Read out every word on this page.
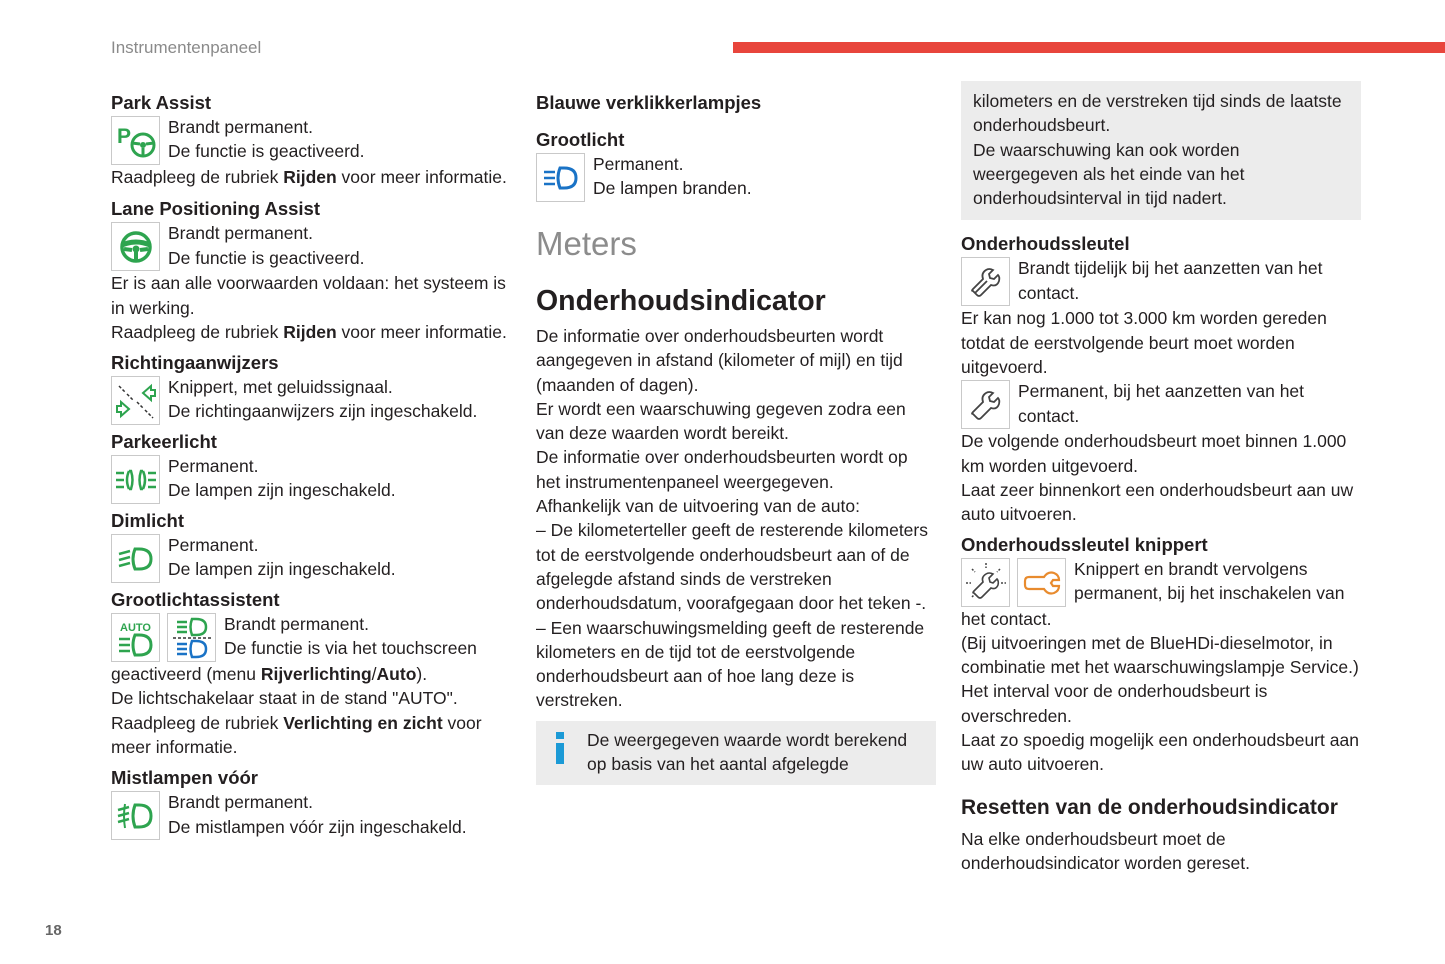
Instrumentenpaneel
18
Park Assist
P Brandt permanent.

De functie is geactiveerd.

Raadpleeg de rubriek Rijden voor meer informatie.

Lane Positioning Assist

Brandt permanent.

De functie is geactiveerd.

Er is aan alle voorwaarden voldaan: het systeem is in werking.

Raadpleeg de rubriek Rijden voor meer informatie.

Richtingaanwijzers

Knippert, met geluidssignaal.

De richtingaanwijzers zijn ingeschakeld.

Parkeerlicht

Permanent.

De lampen zijn ingeschakeld.

Dimlicht

Permanent.

De lampen zijn ingeschakeld.

Grootlichtassistent
AUTO	Brandt permanent.

De functie is via het touchscreen

geactiveerd (menu Rijverlichting/Auto).

De lichtschakelaar staat in de stand "AUTO".

Raadpleeg de rubriek Verlichting en zicht voor meer informatie.

Mistlampen vóór

Brandt permanent.

De mistlampen vóór zijn ingeschakeld.

Blauwe verklikkerlampjes
Grootlicht

Permanent.

De lampen branden.

Meters
Onderhoudsindicator

De informatie over onderhoudsbeurten wordt aangegeven in afstand (kilometer of mijl) en tijd (maanden of dagen).

Er wordt een waarschuwing gegeven zodra een van deze waarden wordt bereikt.

De informatie over onderhoudsbeurten wordt op het instrumentenpaneel weergegeven.

Afhankelijk van de uitvoering van de auto:

– De kilometerteller geeft de resterende kilometers tot de eerstvolgende onderhoudsbeurt aan of de afgelegde afstand sinds de verstreken onderhoudsdatum, voorafgegaan door het teken -.

– Een waarschuwingsmelding geeft de resterende kilometers en de tijd tot de eerstvolgende onderhoudsbeurt aan of hoe lang deze is verstreken.

De weergegeven waarde wordt berekend op basis van het aantal afgelegde

kilometers en de verstreken tijd sinds de laatste onderhoudsbeurt.

De waarschuwing kan ook worden weergegeven als het einde van het onderhoudsinterval in tijd nadert.

Onderhoudssleutel

Brandt tijdelijk bij het aanzetten van het contact.

Er kan nog 1.000 tot 3.000 km worden gereden totdat de eerstvolgende beurt moet worden uitgevoerd.

Permanent, bij het aanzetten van het contact.

De volgende onderhoudsbeurt moet binnen 1.000 km worden uitgevoerd.

Laat zeer binnenkort een onderhoudsbeurt aan uw auto uitvoeren.

Onderhoudssleutel knippert

Knippert en brandt vervolgens permanent, bij het inschakelen van

het contact.

(Bij uitvoeringen met de BlueHDi-dieselmotor, in combinatie met het waarschuwingslampje Service.)

Het interval voor de onderhoudsbeurt is overschreden.

Laat zo spoedig mogelijk een onderhoudsbeurt aan uw auto uitvoeren.

Resetten van de onderhoudsindicator

Na elke onderhoudsbeurt moet de onderhoudsindicator worden gereset.
